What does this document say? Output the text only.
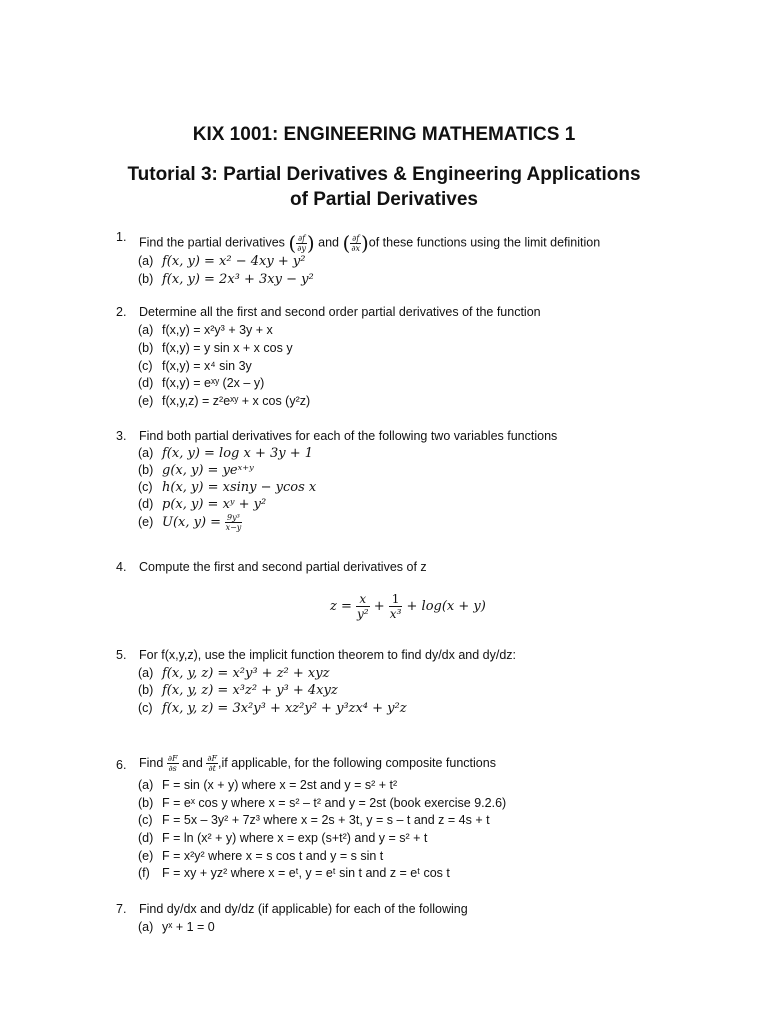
KIX 1001: ENGINEERING MATHEMATICS 1
Tutorial 3: Partial Derivatives & Engineering Applications
of Partial Derivatives
1. Find the partial derivatives ( $\frac{\partial f}{\partial y}$ ) and ( $\frac{\partial f}{\partial x} )of$ these functions using the limit definition
(a) f(x, y) = x² − 4xy + y²
(b) f(x, y) = 2x³ + 3xy − y²
2. Determine all the first and second order partial derivatives of the function
(a) f(x,y) = x²y³ + 3y + x
(b) f(x,y) = y sin x + x cos y
(c) f(x,y) = x⁴ sin 3y
(d) f(x,y) = eˣʸ (2x – y)
(e) f(x,y,z) = z²eˣʸ + x cos (y²z)
3. Find both partial derivatives for each of the following two variables functions
(a) f(x, y) = log x + 3y + 1
(b) g(x, y) = yeˣ⁺ʸ
(c) h(x, y) = xsiny − ycos x
(d) p(x, y) = xʸ + y²
(e) U(x, $y) = \frac{\text{9y³}}{x-y}$
4. Compute the first and second partial derivatives of z
$z = \frac{x}{\text{y²}} + \frac{1}{\text{x³}} + \log(x + y)$
5. For f(x,y,z), use the implicit function theorem to find dy/dx and dy/dz:
(a) f(x, y, z) = x²y³ + z² + xyz
(b) f(x, y, z) = x³z² + y³ + 4xyz
(c) f(x, y, z) = 3x²y³ + xz²y² + y³zx⁴ + y²z
6. Find $\frac{\partial F}{\partial s}$ and $\frac{\partial F}{\partial t} ,if$ applicable, for the following composite functions
(a) F = sin (x + y) where x = 2st and y = s² + t²
(b) F = eˣ cos y where x = s² – t² and y = 2st (book exercise 9.2.6)
(c) F = 5x – 3y² + 7z³ where x = 2s + 3t, y = s – t and z = 4s + t
(d) F = ln (x² + y) where x = exp (s+t²) and y = s² + t
(e) F = x²y² where x = s cos t and y = s sin t
(f) F = xy + yz² where x = eᵗ, y = eᵗ sin t and z = eᵗ cos t
7. Find dy/dx and dy/dz (if applicable) for each of the following
(a) yˣ + 1 = 0
